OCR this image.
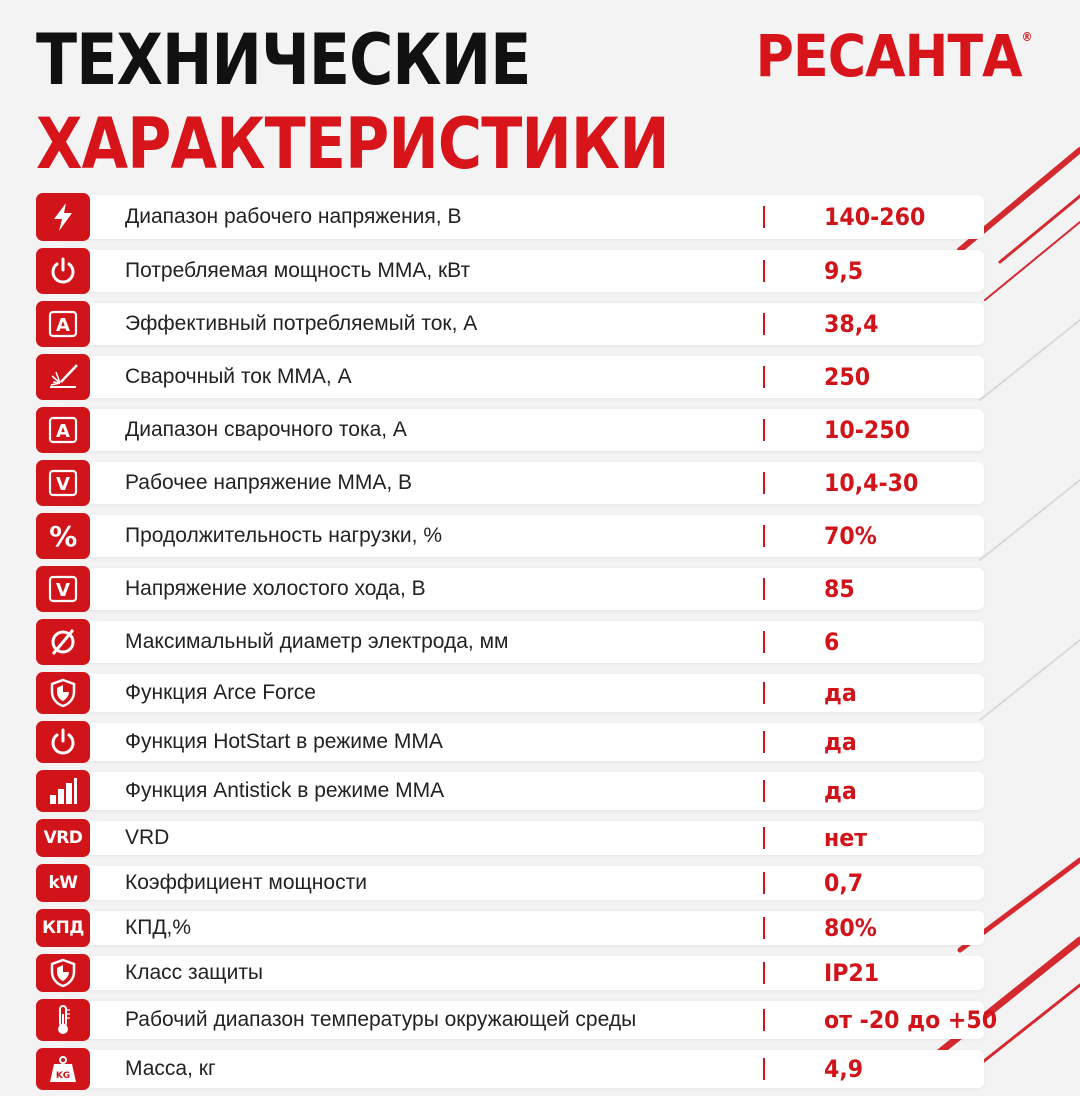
ТЕХНИЧЕСКИЕ
ХАРАКТЕРИСТИКИ
РЕСАНТА®
Диапазон рабочего напряжения, В	140-260
Потребляемая мощность ММА, кВт	9,5
A	Эффективный потребляемый ток, А	38,4
Сварочный ток ММА, А	250
A	Диапазон сварочного тока, А	10-250
V	Рабочее напряжение ММА, В	10,4-30
% Продолжительность нагрузки, %	70%
V	Напряжение холостого хода, В	85
Максимальный диаметр электрода, мм	6
Функция Arce Force	да
Функция HotStart в режиме ММА	да
Функция Antistick в режиме ММА	да
VRD VRD	нет
kW Коэффициент мощности	0,7
КПД КПД,%	80%
Класс защиты	IP21
Рабочий диапазон температуры окружающей среды	от -20 до +50
KG	Масса, кг	4,9
